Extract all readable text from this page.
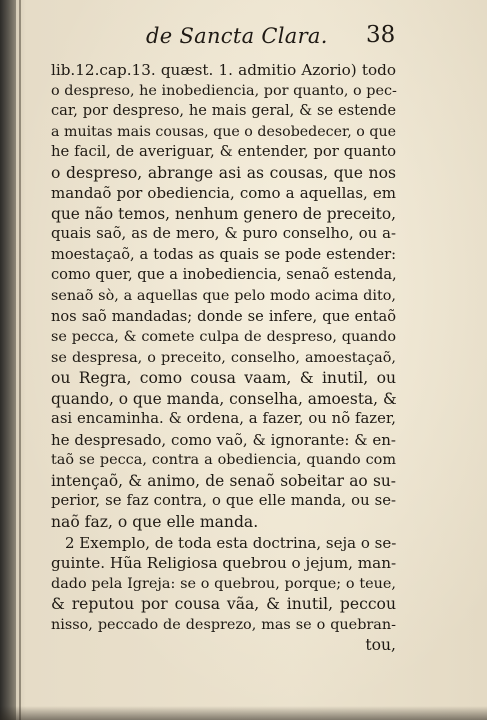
de Sancta Clara. 38
lib.12.cap.13. quæst. 1. admitio Azorio) todo
o despreso, he inobediencia, por quanto, o pec-
car, por despreso, he mais geral, & se estende
a muitas mais cousas, que o desobedecer, o que
he facil, de averiguar, & entender, por quanto
o despreso, abrange asi as cousas, que nos
mandaõ por obediencia, como a aquellas, em
que não temos, nenhum genero de preceito,
quais saõ, as de mero, & puro conselho, ou a-
moestaçaõ, a todas as quais se pode estender:
como quer, que a inobediencia, senaõ estenda,
senaõ sò, a aquellas que pelo modo acima dito,
nos saõ mandadas; donde se infere, que entaõ
se pecca, & comete culpa de despreso, quando
se despresa, o preceito, conselho, amoestaçaõ,
ou Regra, como cousa vaam, & inutil, ou
quando, o que manda, conselha, amoesta, &
asi encaminha. & ordena, a fazer, ou nõ fazer,
he despresado, como vaõ, & ignorante: & en-
taõ se pecca, contra a obediencia, quando com
intençaõ, & animo, de senaõ sobeitar ao su-
perior, se faz contra, o que elle manda, ou se-
naõ faz, o que elle manda.
2 Exemplo, de toda esta doctrina, seja o se-
guinte. Hũa Religiosa quebrou o jejum, man-
dado pela Igreja: se o quebrou, porque; o teue,
& reputou por cousa vãa, & inutil, peccou
nisso, peccado de desprezo, mas se o quebran-
tou,
